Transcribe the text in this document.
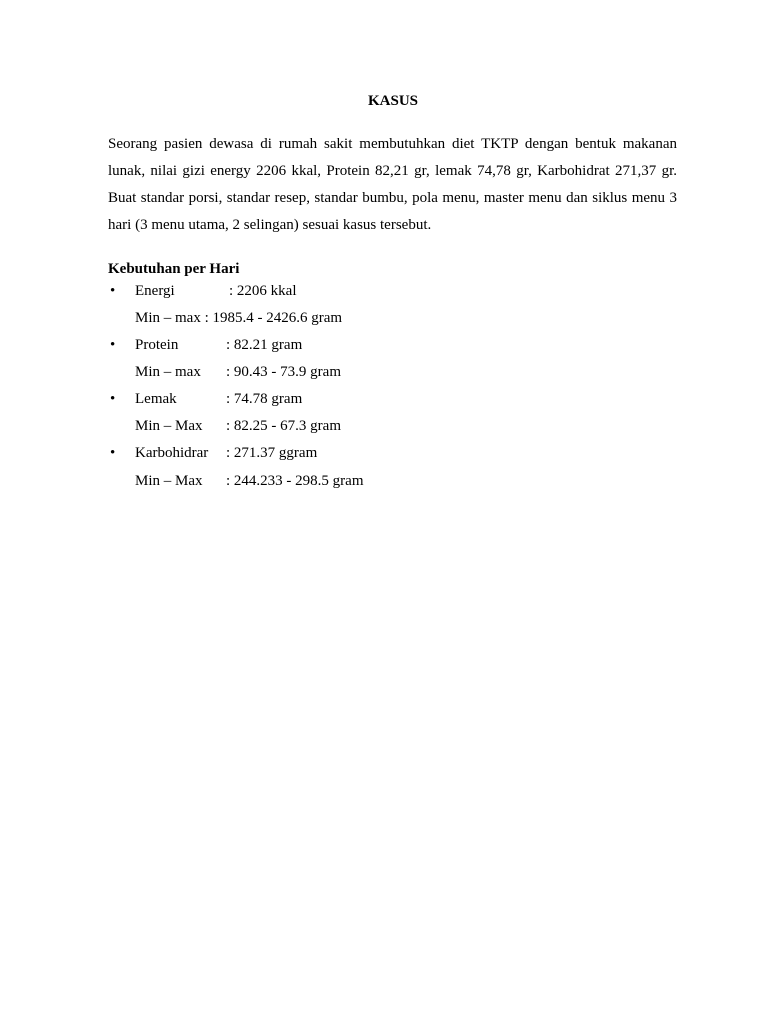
KASUS

Seorang pasien dewasa di rumah sakit membutuhkan diet TKTP dengan bentuk makanan lunak, nilai gizi energy 2206 kkal, Protein 82,21 gr, lemak 74,78 gr, Karbohidrat 271,37 gr. Buat standar porsi, standar resep, standar bumbu, pola menu, master menu dan siklus menu 3 hari (3 menu utama, 2 selingan) sesuai kasus tersebut.

Kebutuhan per Hari
• Energi	: 2206 kkal
Min – max : 1985.4 - 2426.6 gram
• Protein	: 82.21 gram
Min – max : 90.43 - 73.9 gram
• Lemak	: 74.78 gram
Min – Max : 82.25 - 67.3 gram
• Karbohidrar : 271.37 ggram
Min – Max : 244.233 - 298.5 gram
